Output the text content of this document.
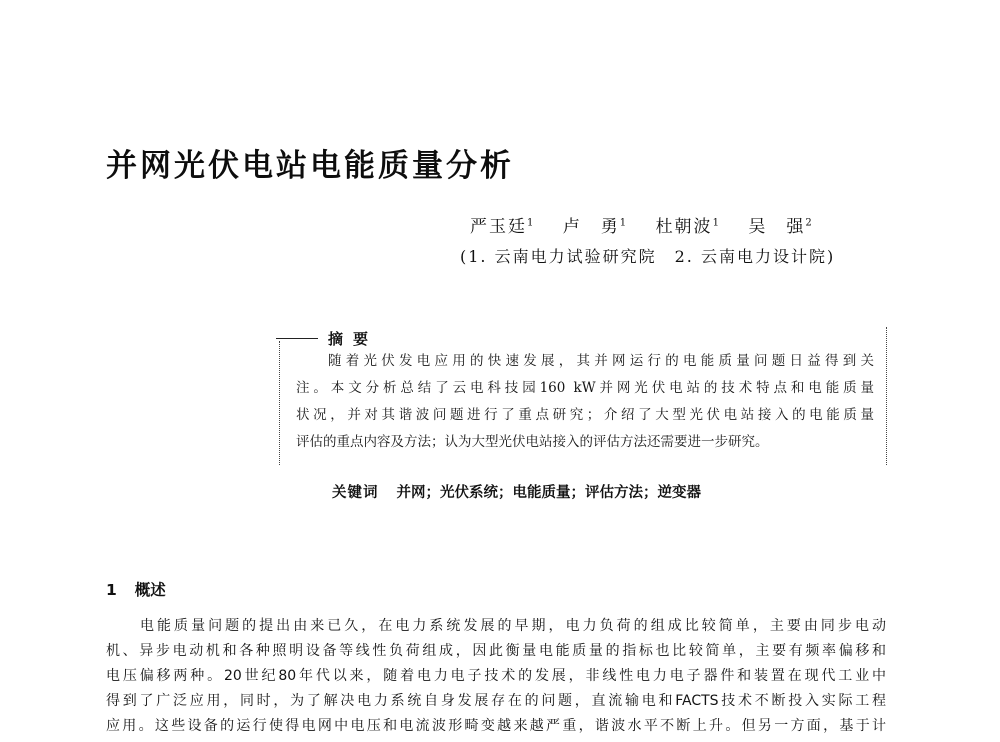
并网光伏电站电能质量分析
严玉廷$^1$ 卢　勇$^1$ 杜朝波$^1$ 吴　强$^2$
(1. 云南电力试验研究院　2. 云南电力设计院)
摘要
随着光伏发电应用的快速发展，其并网运行的电能质量问题日益得到关
注。本文分析总结了云电科技园160 kW并网光伏电站的技术特点和电能质量
状况，并对其谐波问题进行了重点研究；介绍了大型光伏电站接入的电能质量
评估的重点内容及方法；认为大型光伏电站接入的评估方法还需要进一步研究。
关键词 并网；光伏系统；电能质量；评估方法；逆变器
1 概述
电能质量问题的提出由来已久，在电力系统发展的早期，电力负荷的组成比较简单，主要由同步电动
机、异步电动机和各种照明设备等线性负荷组成，因此衡量电能质量的指标也比较简单，主要有频率偏移和
电压偏移两种。20世纪80年代以来，随着电力电子技术的发展，非线性电力电子器件和装置在现代工业中
得到了广泛应用，同时，为了解决电力系统自身发展存在的问题，直流输电和FACTS技术不断投入实际工程
应用。这些设备的运行使得电网中电压和电流波形畸变越来越严重，谐波水平不断上升。但另一方面，基于计
